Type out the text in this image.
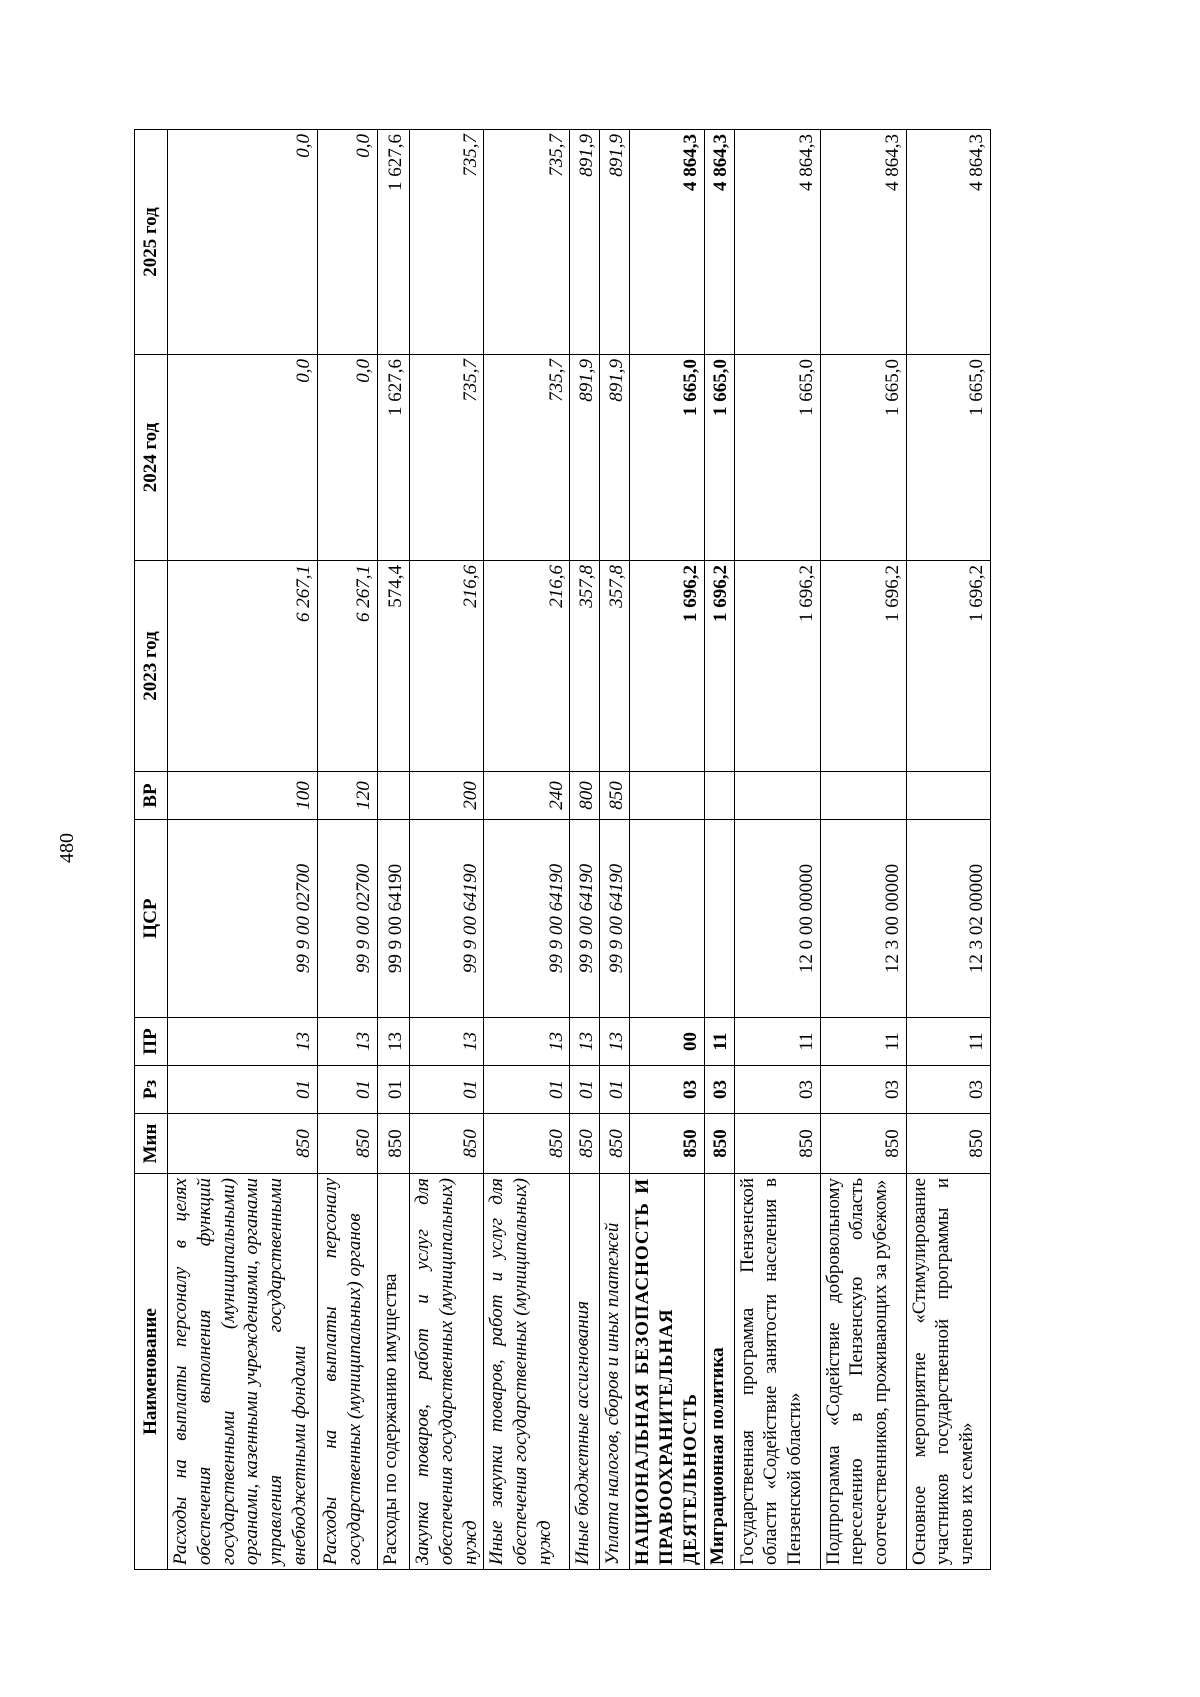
480
Наименование	Мин	Рз	ПР	ЦСР	ВР	2023 год	2024 год	2025 год
Расходы на выплаты персоналу в целях обеспечения выполнения функций государственными (муниципальными) органами, казенными учреждениями, органами управления государственными внебюджетными фондами	850	01	13	99 9 00 02700	100	6 267,1	0,0	0,0
Расходы на выплаты персоналу государственных (муниципальных) органов	850	01	13	99 9 00 02700	120	6 267,1	0,0	0,0
Расходы по содержанию имущества	850	01	13	99 9 00 64190		574,4	1 627,6	1 627,6
Закупка товаров, работ и услуг для обеспечения государственных (муниципальных) нужд	850	01	13	99 9 00 64190	200	216,6	735,7	735,7
Иные закупки товаров, работ и услуг для обеспечения государственных (муниципальных) нужд	850	01	13	99 9 00 64190	240	216,6	735,7	735,7
Иные бюджетные ассигнования	850	01	13	99 9 00 64190	800	357,8	891,9	891,9
Уплата налогов, сборов и иных платежей	850	01	13	99 9 00 64190	850	357,8	891,9	891,9
НАЦИОНАЛЬНАЯ БЕЗОПАСНОСТЬ И ПРАВООХРАНИТЕЛЬНАЯ ДЕЯТЕЛЬНОСТЬ	850	03	00			1 696,2	1 665,0	4 864,3
Миграционная политика	850	03	11			1 696,2	1 665,0	4 864,3
Государственная программа Пензенской области «Содействие занятости населения в Пензенской области»	850	03	11	12 0 00 00000		1 696,2	1 665,0	4 864,3
Подпрограмма «Содействие добровольному переселению в Пензенскую область соотечественников, проживающих за рубежом»	850	03	11	12 3 00 00000		1 696,2	1 665,0	4 864,3
Основное мероприятие «Стимулирование участников государственной программы и членов их семей»	850	03	11	12 3 02 00000		1 696,2	1 665,0	4 864,3
